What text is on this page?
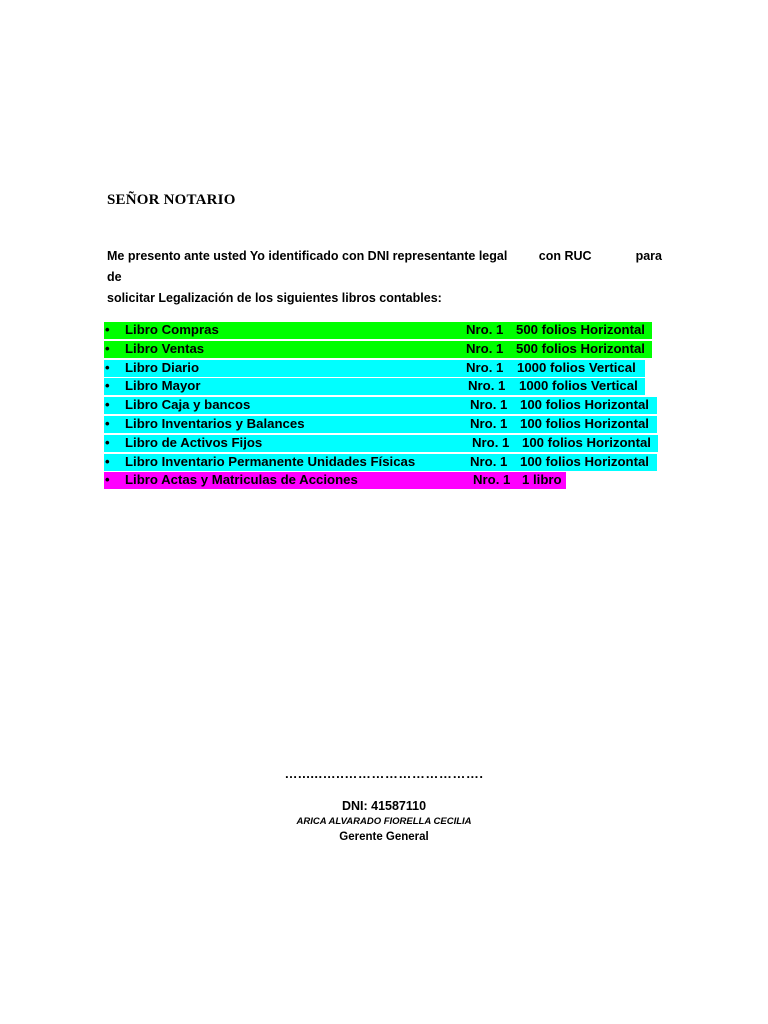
SEÑOR NOTARIO
Me presento ante usted Yo identificado con DNI representante legal de
con RUC	para
solicitar Legalización de los siguientes libros contables:
• Libro Compras	Nro. 1 500 folios Horizontal
• Libro Ventas	Nro. 1 500 folios Horizontal
• Libro Diario	Nro. 1 1000 folios Vertical
• Libro Mayor	Nro. 1 1000 folios Vertical
• Libro Caja y bancos	Nro. 1 100 folios Horizontal
• Libro Inventarios y Balances	Nro. 1 100 folios Horizontal
• Libro de Activos Fijos	Nro. 1 100 folios Horizontal
• Libro Inventario Permanente Unidades Físicas	Nro. 1 100 folios Horizontal
• Libro Actas y Matriculas de Acciones	Nro. 1 1 libro
…......…..………………………….
DNI: 41587110
ARICA ALVARADO FIORELLA CECILIA
Gerente General
